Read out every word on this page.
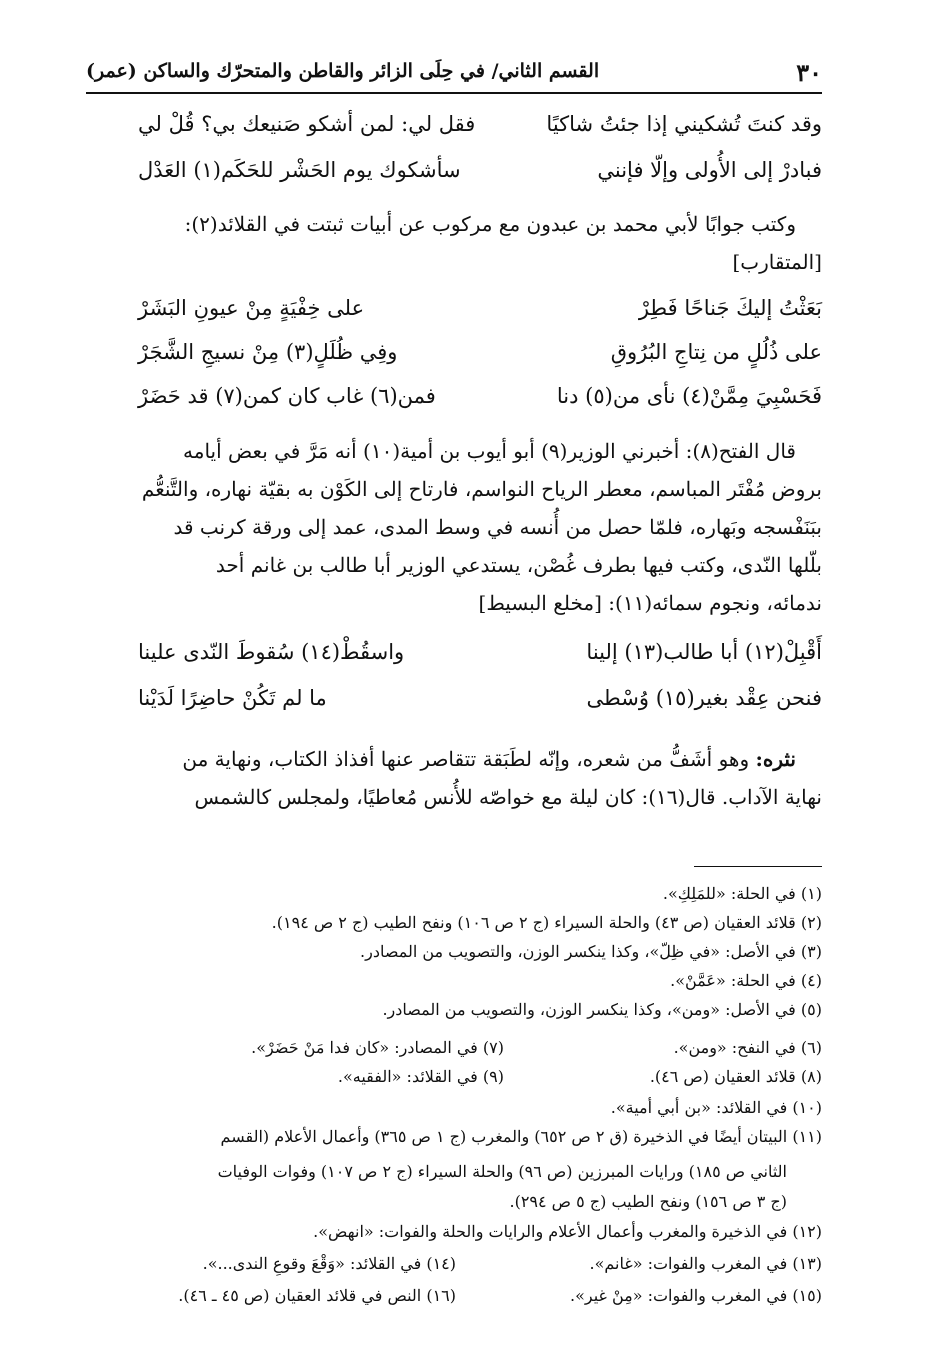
٣٠
القسم الثاني/ في حِلَى الزائر والقاطن والمتحرّك والساكن (عمر)
وقد كنتَ تُشكيني إذا جئتُ شاكيًا
فقل لي: لمن أشكو صَنيعك بي؟ قُلْ لي
فبادرْ إلى الأُولى وإلّا فإنني
سأشكوك يوم الحَشْر للحَكَم(١) العَدْل
وكتب جوابًا لأبي محمد بن عبدون مع مركوب عن أبيات ثبتت في القلائد(٢):
[المتقارب]
بَعَثْتُ إليكَ جَناحًا فَطِرْ
على خِفْيَةٍ مِنْ عيونِ البَشَرْ
على ذُلُلٍ من نِتاجِ البُرُوقِ
وفِي ظُلَلٍ(٣) مِنْ نسيجِ الشَّجَرْ
فَحَسْبِيَ مِمَّنْ(٤) نأى من(٥) دنا
فمن(٦) غاب كان كمن(٧) قد حَضَرْ
قال الفتح(٨): أخبرني الوزير(٩) أبو أيوب بن أمية(١٠) أنه مَرَّ في بعض أيامه
بروض مُفْتَر المباسم، معطر الرياح النواسم، فارتاح إلى الكَوْن به بقيّة نهاره، والتَّنعُّم
ببَنَفْسجه وبَهاره، فلمّا حصل من أُنسه في وسط المدى، عمد إلى ورقة كرنب قد
بلّلها النّدى، وكتب فيها بطرف غُصْن، يستدعي الوزير أبا طالب بن غانم أحد
ندمائه، ونجوم سمائه(١١): [مخلع البسيط]
أَقْبِلْ(١٢) أبا طالب(١٣) إلينا
واسقُطْ(١٤) سُقوطَ النّدى علينا
فنحن عِقْد بغير(١٥) وُسْطى
ما لم تَكُنْ حاضِرًا لَدَيْنا
نثره: وهو أشَفُّ من شعره، وإنّه لطَبَقة تتقاصر عنها أفذاذ الكتاب، ونهاية من
نهاية الآداب. قال(١٦): كان ليلة مع خواصّه للأُنس مُعاطيًا، ولمجلس كالشمس
(١) في الحلة: «للمَلِكِ».
(٢) قلائد العقيان (ص ٤٣) والحلة السيراء (ج ٢ ص ١٠٦) ونفح الطيب (ج ٢ ص ١٩٤).
(٣) في الأصل: «في ظِلّ»، وكذا ينكسر الوزن، والتصويب من المصادر.
(٤) في الحلة: «عَمَّنْ».
(٥) في الأصل: «ومن»، وكذا ينكسر الوزن، والتصويب من المصادر.
(٦) في النفح: «ومن».
(٧) في المصادر: «كان فدا مَنْ حَضَرْ».
(٨) قلائد العقيان (ص ٤٦).
(٩) في القلائد: «الفقيه».
(١٠) في القلائد: «بن أبي أمية».
(١١) البيتان أيضًا في الذخيرة (ق ٢ ص ٦٥٢) والمغرب (ج ١ ص ٣٦٥) وأعمال الأعلام (القسم
الثاني ص ١٨٥) ورايات المبرزين (ص ٩٦) والحلة السيراء (ج ٢ ص ١٠٧) وفوات الوفيات
(ج ٣ ص ١٥٦) ونفح الطيب (ج ٥ ص ٢٩٤).
(١٢) في الذخيرة والمغرب وأعمال الأعلام والرايات والحلة والفوات: «انهض».
(١٣) في المغرب والفوات: «غانم».
(١٤) في القلائد: «وَقْعَ وقوعِ الندى...».
(١٥) في المغرب والفوات: «مِنْ غير».
(١٦) النص في قلائد العقيان (ص ٤٥ ـ ٤٦).
